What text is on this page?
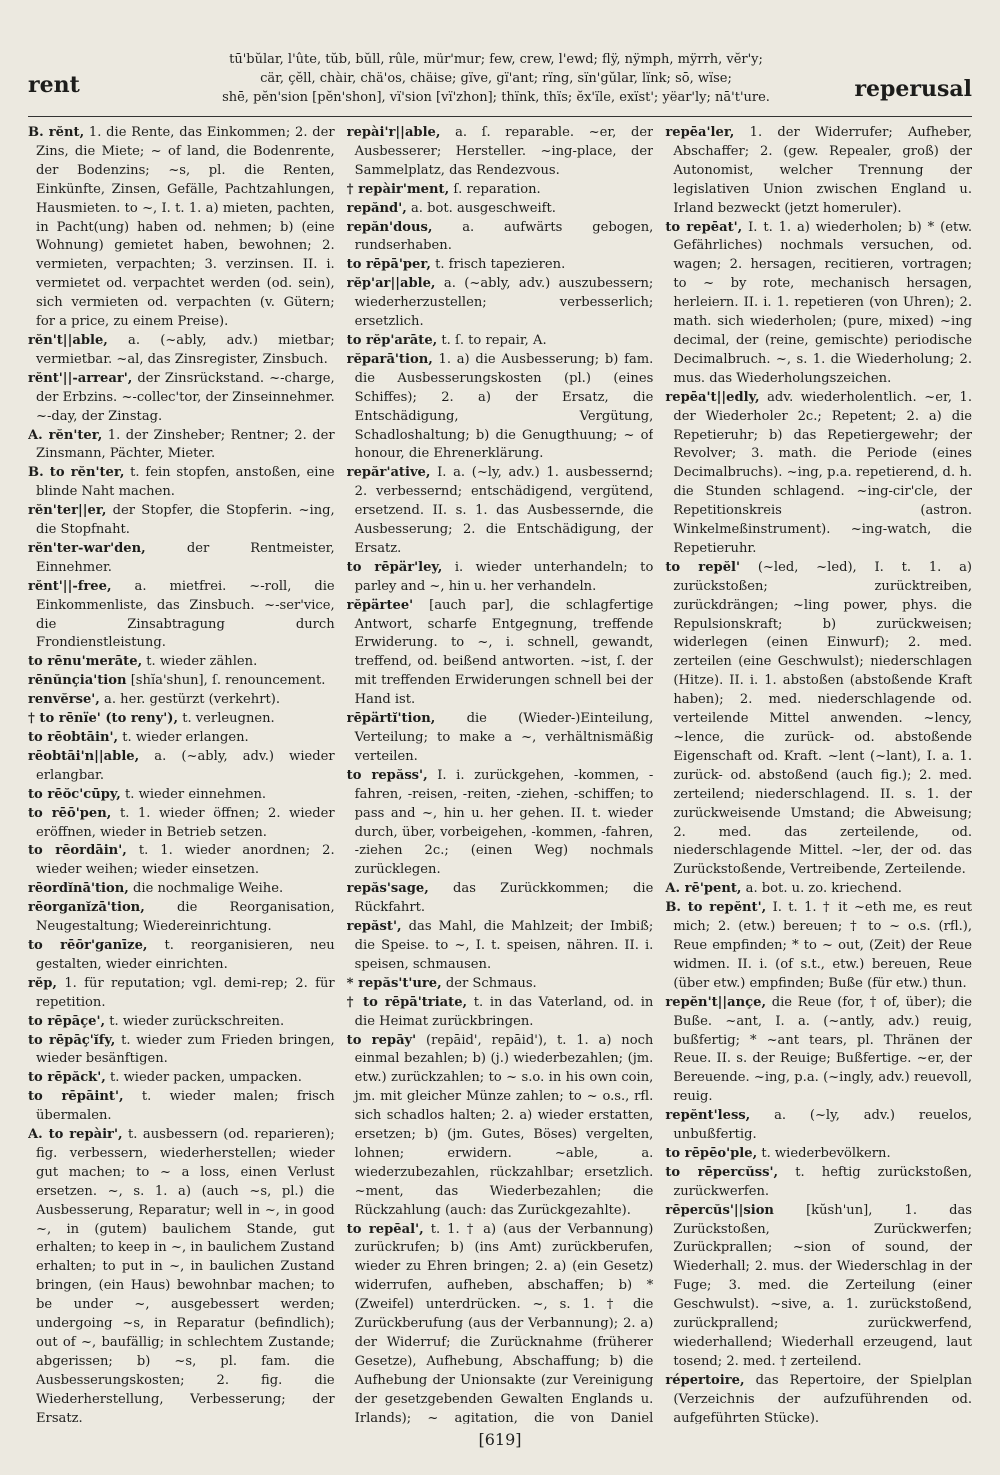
rent
tū'bŭlar, l'ûte, tŭb, bŭll, rûle, mür'mur; few, crew, l'ewd; flÿ, nÿmph, mÿrrh, vĕr'y;
cär, çĕll, chàir, chä'os, chäise; gïve, gï'ant; rïng, sïn'gŭlar, lïnk; sō, wïse;
shē, pĕn'sion [pĕn'shon], vï'sion [vï'zhon]; thïnk, thïs; ĕx'ïle, exïst'; yëar'ly; nā't'ure.	reperusal

B. rĕnt, 1. die Rente, das Einkommen; 2. der Zins, die Miete; ~ of land, die Bodenrente, der Bodenzins; ~s, pl. die Renten, Einkünfte, Zinsen, Gefälle, Pachtzahlungen, Hausmieten. to ~, I. t. 1. a) mieten, pachten, in Pacht(ung) haben od. nehmen; b) (eine Wohnung) gemietet haben, bewohnen; 2. vermieten, verpachten; 3. verzinsen. II. i. vermietet od. verpachtet werden (od. sein), sich vermieten od. verpachten (v. Gütern; for a price, zu einem Preise).

rĕn't||able, a. (~ably, adv.) mietbar; vermietbar. ~al, das Zinsregister, Zinsbuch.

rĕnt'||-arrear', der Zinsrückstand. ~-charge, der Erbzins. ~-collec'tor, der Zinseinnehmer. ~-day, der Zinstag.

A. rĕn'ter, 1. der Zinsheber; Rentner; 2. der Zinsmann, Pächter, Mieter.

B. to rĕn'ter, t. fein stopfen, anstoßen, eine blinde Naht machen.

rĕn'ter||er, der Stopfer, die Stopferin. ~ing, die Stopfnaht.

rĕn'ter-war'den,	der Rentmeister, Einnehmer.

rĕnt'||-free, a. mietfrei. ~-roll, die Einkommenliste, das Zinsbuch. ~-ser'vice, die Zinsabtragung durch Frondienstleistung.

to rēnu'merāte, t. wieder zählen.

rēnŭnçia'tion [shĭa'shun], ſ. renouncement.

renvĕrse', a. her. gestürzt (verkehrt).

† to rēnïe' (to reny'), t. verleugnen.

to rēobtāin', t. wieder erlangen.

rēobtāi'n||able, a. (~ably, adv.) wieder erlangbar.

to rēŏc'cūpy, t. wieder einnehmen.

to rēō'pen, t. 1. wieder öffnen; 2. wieder eröffnen, wieder in Betrieb setzen.

to rēordāin', t. 1. wieder anordnen; 2. wieder weihen; wieder einsetzen.

rēordĭnā'tion, die nochmalige Weihe.

rēorganĭzā'tion, die Reorganisation, Neugestaltung; Wiedereinrichtung.

to rēōr'ganīze, t. reorganisieren, neu gestalten, wieder einrichten.

rĕp, 1. für reputation; vgl. demi-rep; 2. für repetition.

to rēpāçe', t. wieder zurückschreiten.

to rēpāç'ĭfy, t. wieder zum Frieden bringen, wieder besänftigen.

to rēpăck', t. wieder packen, umpacken.

to rēpāint', t. wieder malen; frisch übermalen.

A. to repàir', t. ausbessern (od. reparieren); fig. verbessern, wiederherstellen; wieder gut machen; to ~ a loss, einen Verlust ersetzen. ~, s. 1. a) (auch ~s, pl.) die Ausbesserung, Reparatur; well in ~, in good ~, in (gutem) baulichem Stande, gut erhalten; to keep in ~, in baulichem Zustand erhalten; to put in ~, in baulichen Zustand bringen, (ein Haus) bewohnbar machen; to be under ~, ausgebessert werden; undergoing ~s, in Reparatur (befindlich); out of ~, baufällig; in schlechtem Zustande; abgerissen; b) ~s, pl. fam. die Ausbesserungskosten; 2. fig. die Wiederherstellung, Verbesserung; der Ersatz.

repài'r||able, a. ſ. reparable. ~er, der Ausbesserer; Hersteller. ~ing-place, der Sammelplatz, das Rendezvous.

† repàir'ment, ſ. reparation.

repănd', a. bot. ausgeschweift.

repăn'dous, a. aufwärts gebogen, rundserhaben.

to rēpā'per, t. frisch tapezieren.

rĕp'ar||able, a. (~ably, adv.) auszubessern; wiederherzustellen; verbesserlich; ersetzlich.

to rĕp'arāte, t. ſ. to repair, A.

rĕparā'tion, 1. a) die Ausbesserung; b) fam. die Ausbesserungskosten (pl.) (eines Schiffes); 2. a) der Ersatz, die Entschädigung, Vergütung, Schadloshaltung; b) die Genugthuung; ~ of honour, die Ehrenerklärung.

repăr'ative, I. a. (~ly, adv.) 1. ausbessernd; 2. verbessernd; entschädigend, vergütend, ersetzend. II. s. 1. das Ausbessernde, die Ausbesserung; 2. die Entschädigung, der Ersatz.

to rēpär'ley, i. wieder unterhandeln; to parley and ~, hin u. her verhandeln.

rĕpärtee' [auch par], die schlagfertige Antwort, scharfe Entgegnung, treffende Erwiderung. to ~, i. schnell, gewandt, treffend, od. beißend antworten. ~ist, ſ. der mit treffenden Erwiderungen schnell bei der Hand ist.

rēpärtĭ'tion, die (Wieder-)Einteilung, Verteilung; to make a ~, verhältnismäßig verteilen.

to repăss', I. i. zurückgehen, -kommen, -fahren, -reisen, -reiten, -ziehen, -schiffen; to pass and ~, hin u. her gehen. II. t. wieder durch, über, vorbeigehen, -kommen, -fahren, -ziehen 2c.; (einen Weg) nochmals zurücklegen.

repăs'sage, das Zurückkommen; die Rückfahrt.

repăst', das Mahl, die Mahlzeit; der Imbiß; die Speise. to ~, I. t. speisen, nähren. II. i. speisen, schmausen.

* repăs't'ure, der Schmaus.

† to rēpā'triate, t. in das Vaterland, od. in die Heimat zurückbringen.

to repāy' (repāid', repāid'), t. 1. a) noch einmal bezahlen; b) (j.) wiederbezahlen; (jm. etw.) zurückzahlen; to ~ s.o. in his own coin, jm. mit gleicher Münze zahlen; to ~ o.s., rfl. sich schadlos halten; 2. a) wieder erstatten, ersetzen; b) (jm. Gutes, Böses) vergelten, lohnen; erwidern. ~able, a. wiederzubezahlen, rückzahlbar; ersetzlich. ~ment, das Wiederbezahlen; die Rückzahlung (auch: das Zurückgezahlte).

to repēal', t. 1. † a) (aus der Verbannung) zurückrufen; b) (ins Amt) zurückberufen, wieder zu Ehren bringen; 2. a) (ein Gesetz) widerrufen, aufheben, abschaffen; b) * (Zweifel) unterdrücken. ~, s. 1. † die Zurückberufung (aus der Verbannung); 2. a) der Widerruf; die Zurücknahme (früherer Gesetze), Aufhebung, Abschaffung; b) die Aufhebung der Unionsakte (zur Vereinigung der gesetzgebenden Gewalten Englands u. Irlands); ~ agitation, die von Daniel

repēa'ler, 1. der Widerrufer; Aufheber, Abschaffer; 2. (gew. Repealer, groß) der Autonomist, welcher Trennung der legislativen Union zwischen England u. Irland bezweckt (jetzt homeruler).

to repēat', I. t. 1. a) wiederholen; b) * (etw. Gefährliches) nochmals versuchen, od. wagen; 2. hersagen, recitieren, vortragen; to ~ by rote, mechanisch hersagen, herleiern. II. i. 1. repetieren (von Uhren); 2. math. sich wiederholen; (pure, mixed) ~ing decimal, der (reine, gemischte) periodische Decimalbruch. ~, s. 1. die Wiederholung; 2. mus. das Wiederholungszeichen.

repēa't||edly, adv. wiederholentlich. ~er, 1. der Wiederholer 2c.; Repetent; 2. a) die Repetieruhr; b) das Repetiergewehr; der Revolver; 3. math. die Periode (eines Decimalbruchs). ~ing, p.a. repetierend, d. h. die Stunden schlagend. ~ing-cir'cle, der Repetitionskreis (astron. Winkelmeßinstrument). ~ing-watch, die Repetieruhr.

to repĕl' (~led, ~led), I. t. 1. a) zurückstoßen; zurücktreiben, zurückdrängen; ~ling power, phys. die Repulsionskraft; b) zurückweisen; widerlegen (einen Einwurf); 2. med. zerteilen (eine Geschwulst); niederschlagen (Hitze). II. i. 1. abstoßen (abstoßende Kraft haben); 2. med. niederschlagende od. verteilende Mittel anwenden. ~lency, ~lence, die zurück- od. abstoßende Eigenschaft od. Kraft. ~lent (~lant), I. a. 1. zurück- od. abstoßend (auch fig.); 2. med. zerteilend; niederschlagend. II. s. 1. der zurückweisende Umstand; die Abweisung; 2. med. das zerteilende, od. niederschlagende Mittel. ~ler, der od. das Zurückstoßende, Vertreibende, Zerteilende.

A. rē'pent, a. bot. u. zo. kriechend.

B. to repĕnt', I. t. 1. † it ~eth me, es reut mich; 2. (etw.) bereuen; † to ~ o.s. (rfl.), Reue empfinden; * to ~ out, (Zeit) der Reue widmen. II. i. (of s.t., etw.) bereuen, Reue (über etw.) empfinden; Buße (für etw.) thun.

repĕn't||ançe, die Reue (for, † of, über); die Buße. ~ant, I. a. (~antly, adv.) reuig, bußfertig; * ~ant tears, pl. Thränen der Reue. II. s. der Reuige; Bußfertige. ~er, der Bereuende. ~ing, p.a. (~ingly, adv.) reuevoll, reuig.

repĕnt'less, a. (~ly, adv.) reuelos, unbußfertig.

to rēpēo'ple, t. wiederbevölkern.

to rēpercŭss', t. heftig zurückstoßen, zurückwerfen.

rēpercŭs'||sion [kŭsh'un], 1. das Zurückstoßen, Zurückwerfen; Zurückprallen; ~sion of sound, der Wiederhall; 2. mus. der Wiederschlag in der Fuge; 3. med. die Zerteilung (einer Geschwulst). ~sive, a. 1. zurückstoßend, zurückprallend; zurückwerfend, wiederhallend; Wiederhall erzeugend, laut tosend; 2. med. † zerteilend.

répertoire, das Repertoire, der Spielplan (Verzeichnis der aufzuführenden od. aufgeführten Stücke).

[619]
